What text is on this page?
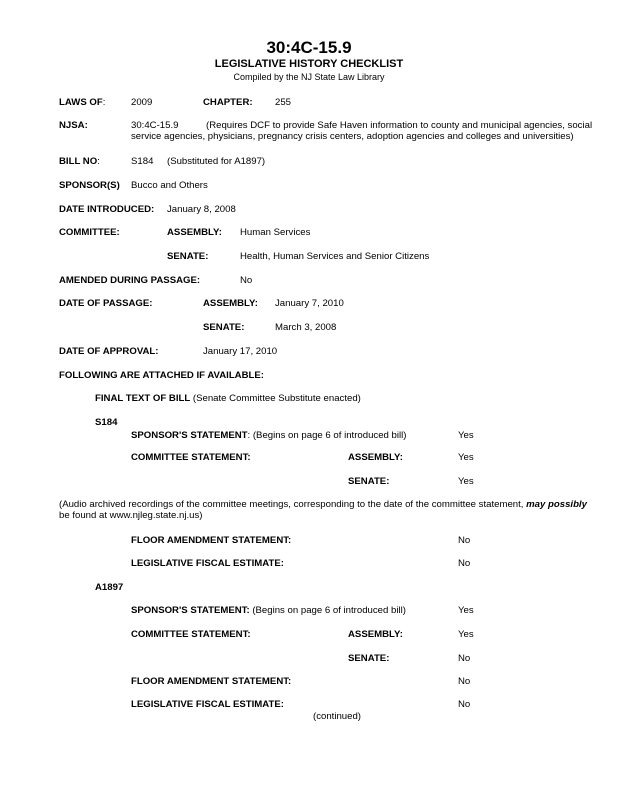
30:4C-15.9
LEGISLATIVE HISTORY CHECKLIST
Compiled by the NJ State Law Library
LAWS OF:	2009	CHAPTER: 255
NJSA:	30:4C-15.9	(Requires DCF to provide Safe Haven information to county and municipal agencies, social
service agencies, physicians, pregnancy crisis centers, adoption agencies and colleges and universities)
BILL NO:	S184 (Substituted for A1897)
SPONSOR(S) Bucco and Others
DATE INTRODUCED: January 8, 2008
COMMITTEE:	ASSEMBLY: Human Services
SENATE:	Health, Human Services and Senior Citizens
AMENDED DURING PASSAGE:	No
DATE OF PASSAGE:	ASSEMBLY: January 7, 2010
SENATE:	March 3, 2008
DATE OF APPROVAL:	January 17, 2010
FOLLOWING ARE ATTACHED IF AVAILABLE:
FINAL TEXT OF BILL (Senate Committee Substitute enacted)
S184
SPONSOR'S STATEMENT: (Begins on page 6 of introduced bill)	Yes
COMMITTEE STATEMENT:	ASSEMBLY:	Yes
SENATE:	Yes
(Audio archived recordings of the committee meetings, corresponding to the date of the committee statement, may possibly
be found at www.njleg.state.nj.us)
FLOOR AMENDMENT STATEMENT:	No
LEGISLATIVE FISCAL ESTIMATE:	No
A1897
SPONSOR'S STATEMENT: (Begins on page 6 of introduced bill)	Yes
COMMITTEE STATEMENT:	ASSEMBLY:	Yes
SENATE:	No
FLOOR AMENDMENT STATEMENT:	No
LEGISLATIVE FISCAL ESTIMATE:	No
(continued)
